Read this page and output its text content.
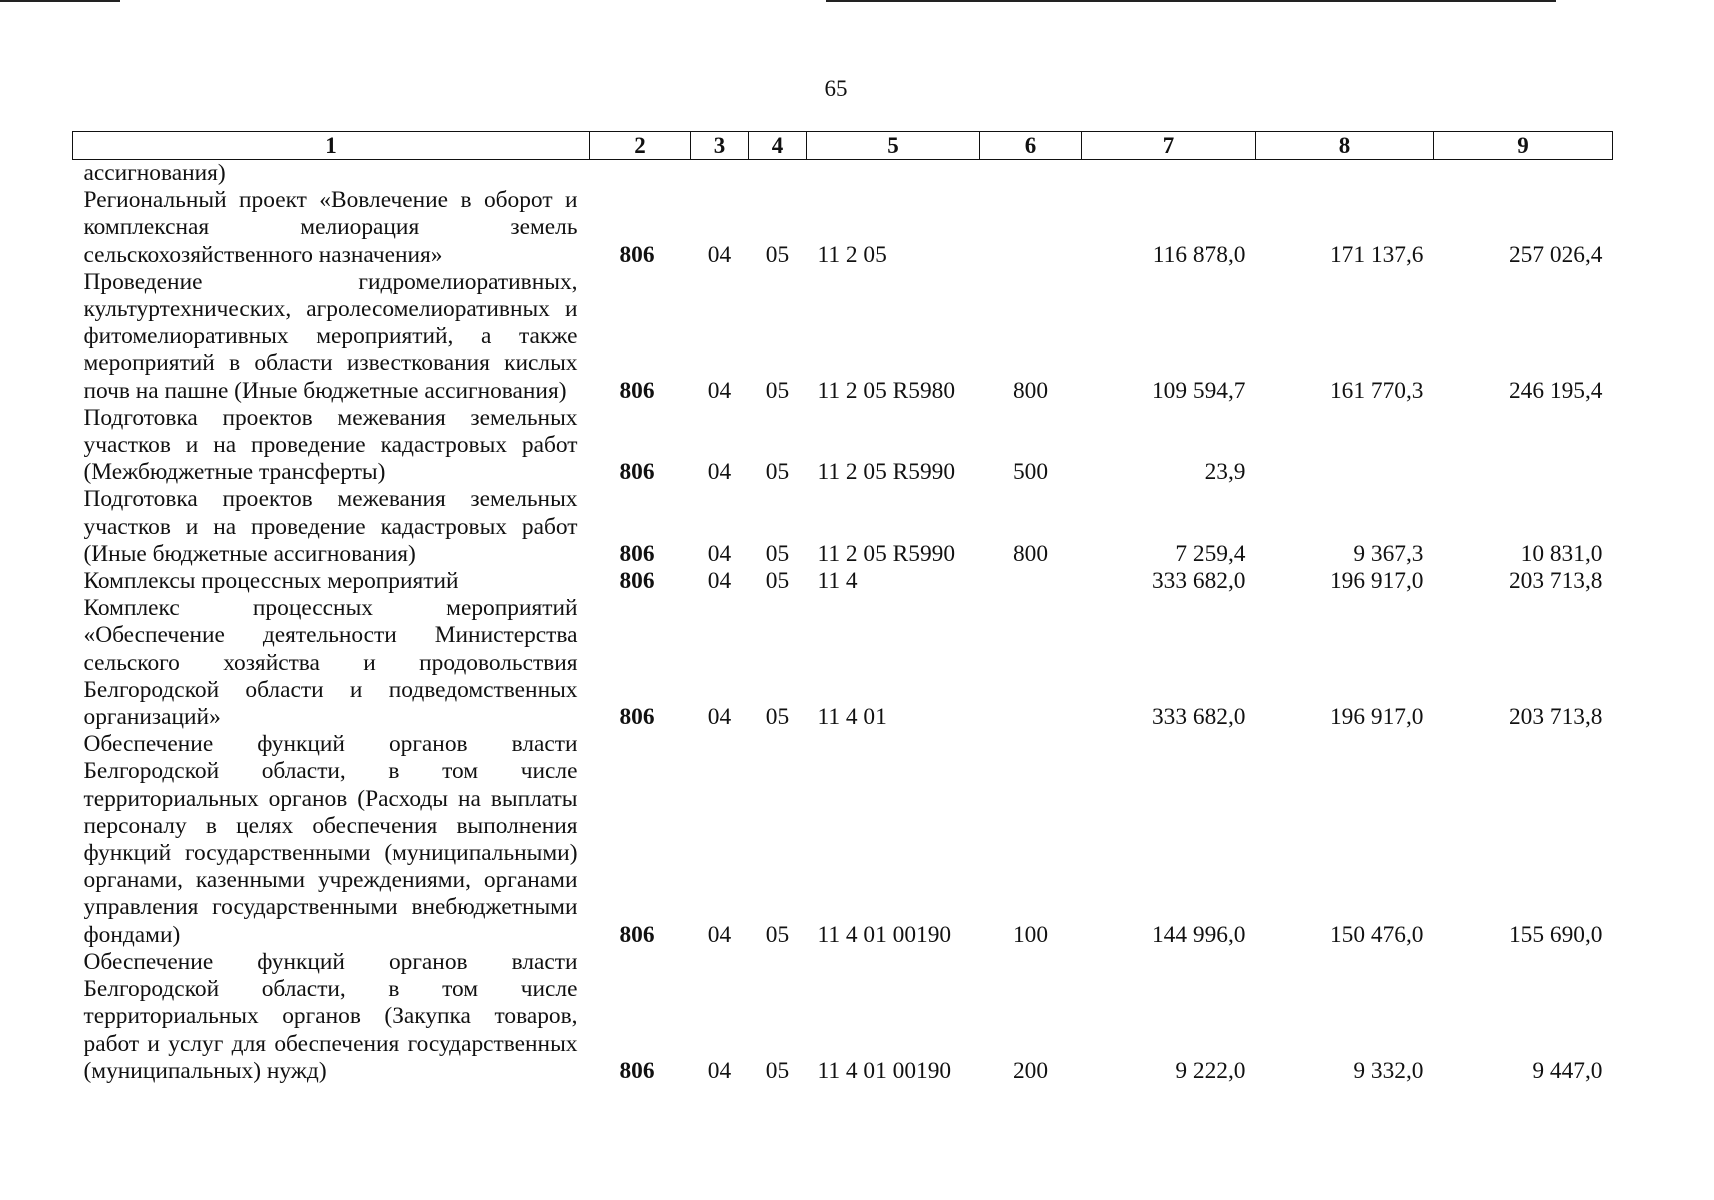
65
1	2	3	4	5	6	7	8	9
ассигнования)								
Региональный проект «Вовлечение в оборот и комплексная мелиорация земель сельскохозяйственного назначения»	806	04	05	11 2 05		116 878,0	171 137,6	257 026,4
Проведение гидромелиоративных, культуртехнических, агролесомелиоративных и фитомелиоративных мероприятий, а также мероприятий в области известкования кислых почв на пашне (Иные бюджетные ассигнования)	806	04	05	11 2 05 R5980	800	109 594,7	161 770,3	246 195,4
Подготовка проектов межевания земельных участков и на проведение кадастровых работ (Межбюджетные трансферты)	806	04	05	11 2 05 R5990	500	23,9		
Подготовка проектов межевания земельных участков и на проведение кадастровых работ (Иные бюджетные ассигнования)	806	04	05	11 2 05 R5990	800	7 259,4	9 367,3	10 831,0
Комплексы процессных мероприятий	806	04	05	11 4		333 682,0	196 917,0	203 713,8
Комплекс процессных мероприятий «Обеспечение деятельности Министерства сельского хозяйства и продовольствия Белгородской области и подведомственных организаций»	806	04	05	11 4 01		333 682,0	196 917,0	203 713,8
Обеспечение функций органов власти Белгородской области, в том числе территориальных органов (Расходы на выплаты персоналу в целях обеспечения выполнения функций государственными (муниципальными) органами, казенными учреждениями, органами управления государственными внебюджетными фондами)	806	04	05	11 4 01 00190	100	144 996,0	150 476,0	155 690,0
Обеспечение функций органов власти Белгородской области, в том числе территориальных органов (Закупка товаров, работ и услуг для обеспечения государственных (муниципальных) нужд)	806	04	05	11 4 01 00190	200	9 222,0	9 332,0	9 447,0
